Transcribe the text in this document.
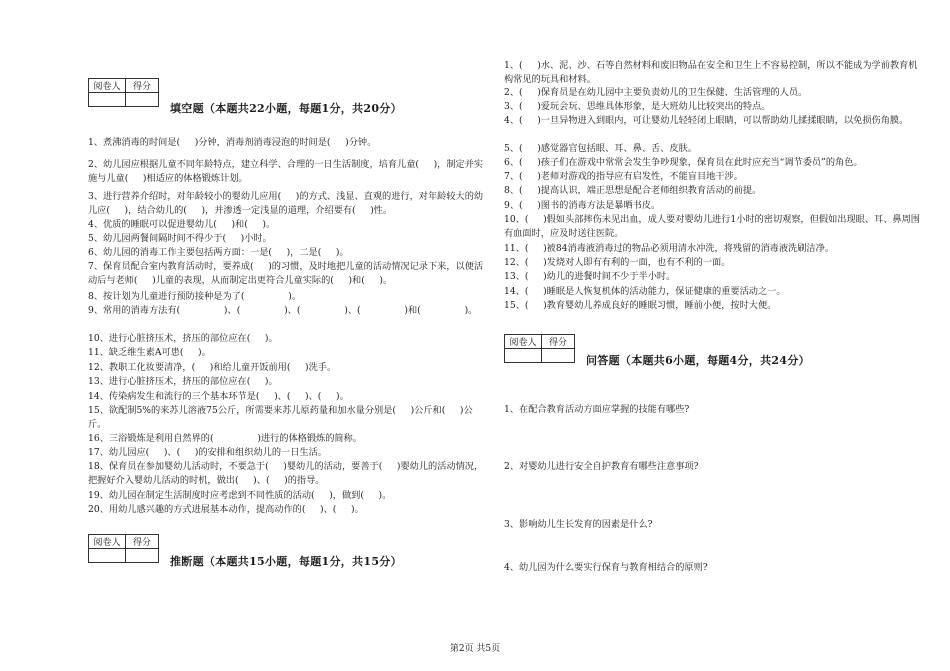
阅卷人	得分

填空题（本题共22小题，每题1分，共20分）
1、煮沸消毒的时间是(     )分钟，消毒剂消毒浸泡的时间是(     )分钟。
2、幼儿园应根据儿童不同年龄特点，建立科学、合理的一日生活制度，培育儿童(     )，制定并实施与儿童(     )相适应的体格锻炼计划。
3、进行营养介绍时，对年龄较小的婴幼儿应用(     )的方式、浅显、直观的进行，对年龄较大的幼儿应(     )，结合幼儿的(     )，并渗透一定浅显的道理，介绍要有(     )性。
4、优质的睡眠可以促进婴幼儿(     )和(     )。
5、幼儿园两餐间隔时间不得少于(     )小时。
6、幼儿园的消毒工作主要包括两方面：一是(     )，二是(     )。
7、保育员配合室内教育活动时，要养成(     )的习惯，及时地把儿童的活动情况记录下来，以便活动后与老师(     )儿童的表现，从而制定出更符合儿童实际的(     )和(     )。
8、按计划为儿童进行预防接种是为了(               )。
9、常用的消毒方法有(               )、(               )、(               )、(               )和(               )。
10、进行心脏挤压术，挤压的部位应在(     )。
11、缺乏维生素A可患(     )。
12、教职工化妆要清净，(     )和给儿童开饭前用(     )洗手。
13、进行心脏挤压术，挤压的部位应在(     )。
14、传染病发生和流行的三个基本环节是(     )、(     )、(     )。
15、欲配制5%的来苏儿溶液75公斤，所需要来苏儿原药量和加水量分别是(     )公斤和(     )公斤。
16、三浴锻炼是利用自然界的(               )进行的体格锻炼的简称。
17、幼儿园应(     )、(     )的安排和组织幼儿的一日生活。
18、保育员在参加婴幼儿活动时，不要急于(     )婴幼儿的活动，要善于(     )婴幼儿的活动情况，把握好介入婴幼儿活动的时机，做出(     )、(     )的指导。
19、幼儿园在制定生活制度时应考虑到不同性质的活动(     )，做到(     )。
20、用幼儿感兴趣的方式进展基本动作，提高动作的(     )、(     )。
阅卷人	得分

推断题（本题共15小题，每题1分，共15分）
1、(     )水、泥、沙、石等自然材料和废旧物品在安全和卫生上不容易控制，所以不能成为学前教育机构常见的玩具和材料。
2、(     )保育员是在幼儿园中主要负责幼儿的卫生保健、生活管理的人员。
3、(     )爱玩会玩、思维具体形象，是大班幼儿比较突出的特点。
4、(     )一旦异物进入到眼内，可让婴幼儿轻轻闭上眼睛，可以帮助幼儿揉揉眼睛，以免损伤角膜。
5、(     )感觉器官包括眼、耳、鼻、舌、皮肤。
6、(     )孩子们在游戏中常常会发生争吵现象，保育员在此时应充当“调节委员”的角色。
7、(     )老师对游戏的指导应有启发性，不能盲目地干涉。
8、(     )提高认识，端正思想是配合老师组织教育活动的前提。
9、(     )图书的消毒方法是暴晒书皮。
10、(     )假如头部摔伤未见出血，成人要对婴幼儿进行1小时的密切观察，但假如出现眼、耳、鼻周围有血面时，应及时送往医院。
11、(     )被84消毒液消毒过的物品必须用清水冲洗，将残留的消毒液洗刷洁净。
12、(     )发烧对人即有有利的一面，也有不利的一面。
13、(     )幼儿的进餐时间不少于半小时。
14、(     )睡眠是人恢复机体的活动能力，保证健康的重要活动之一。
15、(     )教育婴幼儿养成良好的睡眠习惯，睡前小便，按时大便。
阅卷人	得分

问答题（本题共6小题，每题4分，共24分）
1、在配合教育活动方面应掌握的技能有哪些?
2、对婴幼儿进行安全自护教育有哪些注意事项?
3、影响幼儿生长发育的因素是什么?
4、幼儿园为什么要实行保育与教育相结合的原则?
第2页 共5页
